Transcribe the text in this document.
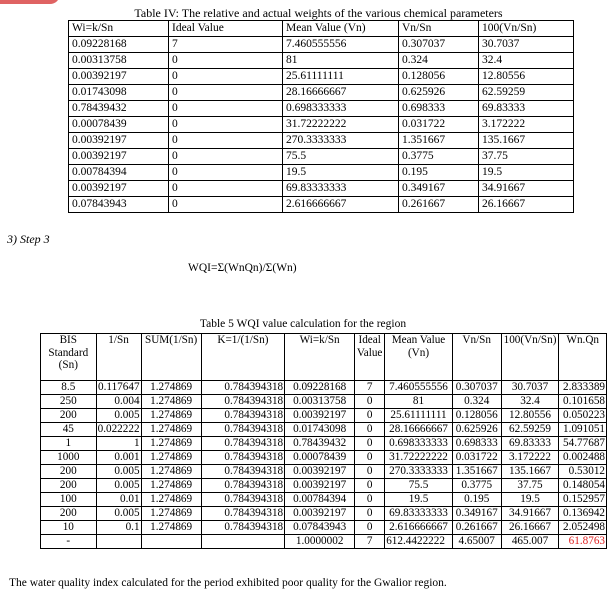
Table IV: The relative and actual weights of the various chemical parameters
Wi=k/Sn	Ideal Value	Mean Value (Vn)	Vn/Sn	100(Vn/Sn)
0.09228168	7	7.460555556	0.307037	30.7037
0.00313758	0	81	0.324	32.4
0.00392197	0	25.61111111	0.128056	12.80556
0.01743098	0	28.16666667	0.625926	62.59259
0.78439432	0	0.698333333	0.698333	69.83333
0.00078439	0	31.72222222	0.031722	3.172222
0.00392197	0	270.3333333	1.351667	135.1667
0.00392197	0	75.5	0.3775	37.75
0.00784394	0	19.5	0.195	19.5
0.00392197	0	69.83333333	0.349167	34.91667
0.07843943	0	2.616666667	0.261667	26.16667
3) Step 3
WQI=Σ(WnQn)/Σ(Wn)
Table 5 WQI value calculation for the region
BIS Standard (Sn)	1/Sn	SUM(1/Sn)	K=1/(1/Sn)	Wi=k/Sn	Ideal Value	Mean Value (Vn)	Vn/Sn	100(Vn/Sn)	Wn.Qn
8.5	0.117647	1.274869	0.784394318	0.09228168	7	7.460555556	0.307037	30.7037	2.833389
250	0.004	1.274869	0.784394318	0.00313758	0	81	0.324	32.4	0.101658
200	0.005	1.274869	0.784394318	0.00392197	0	25.61111111	0.128056	12.80556	0.050223
45	0.022222	1.274869	0.784394318	0.01743098	0	28.16666667	0.625926	62.59259	1.091051
1	1	1.274869	0.784394318	0.78439432	0	0.698333333	0.698333	69.83333	54.77687
1000	0.001	1.274869	0.784394318	0.00078439	0	31.72222222	0.031722	3.172222	0.002488
200	0.005	1.274869	0.784394318	0.00392197	0	270.3333333	1.351667	135.1667	0.53012
200	0.005	1.274869	0.784394318	0.00392197	0	75.5	0.3775	37.75	0.148054
100	0.01	1.274869	0.784394318	0.00784394	0	19.5	0.195	19.5	0.152957
200	0.005	1.274869	0.784394318	0.00392197	0	69.83333333	0.349167	34.91667	0.136942
10	0.1	1.274869	0.784394318	0.07843943	0	2.616666667	0.261667	26.16667	2.052498
-				1.0000002	7	612.4422222	4.65007	465.007	61.8763
The water quality index calculated for the period exhibited poor quality for the Gwalior region.
